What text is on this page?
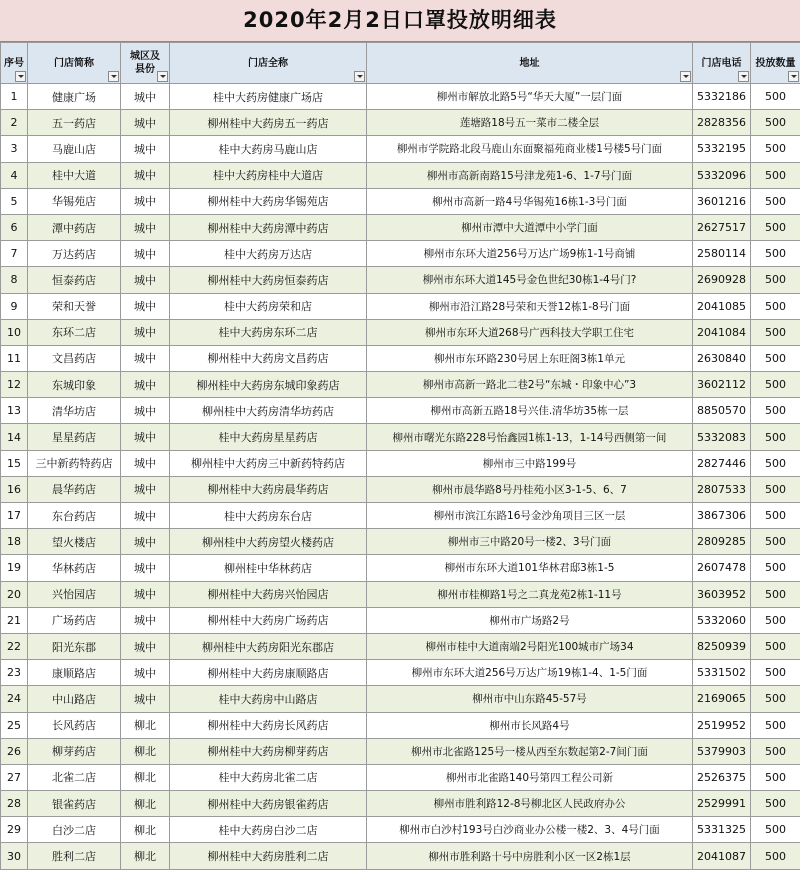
2020年2月2日口罩投放明细表
序号	门店简称	城区及
县份	门店全称	地址	门店电话	投放数量

1	健康广场	城中	桂中大药房健康广场店	柳州市解放北路5号“华天大厦”一层门面	5332186	500
2	五一药店	城中	柳州桂中大药房五一药店	莲塘路18号五一菜市二楼全层	2828356	500
3	马鹿山店	城中	桂中大药房马鹿山店	柳州市学院路北段马鹿山东面聚福苑商业楼1号楼5号门面	5332195	500
4	桂中大道	城中	桂中大药房桂中大道店	柳州市高新南路15号津龙苑1-6、1-7号门面	5332096	500
5	华锡苑店	城中	柳州桂中大药房华锡苑店	柳州市高新一路4号华锡苑16栋1-3号门面	3601216	500
6	潭中药店	城中	柳州桂中大药房潭中药店	柳州市潭中大道潭中小学门面	2627517	500
7	万达药店	城中	桂中大药房万达店	柳州市东环大道256号万达广场9栋1-1号商铺	2580114	500
8	恒泰药店	城中	柳州桂中大药房恒泰药店	柳州市东环大道145号金色世纪30栋1-4号门?	2690928	500
9	荣和天誉	城中	桂中大药房荣和店	柳州市沿江路28号荣和天誉12栋1-8号门面	2041085	500
10	东环二店	城中	桂中大药房东环二店	柳州市东环大道268号广西科技大学职工住宅	2041084	500
11	文昌药店	城中	柳州桂中大药房文昌药店	柳州市东环路230号居上东旺阁3栋1单元	2630840	500
12	东城印象	城中	柳州桂中大药房东城印象药店	柳州市高新一路北二巷2号“东城・印象中心”3	3602112	500
13	清华坊店	城中	柳州桂中大药房清华坊药店	柳州市高新五路18号兴佳.清华坊35栋一层	8850570	500
14	星星药店	城中	桂中大药房星星药店	柳州市曙光东路228号怡鑫园1栋1-13，1-14号西侧第一间	5332083	500
15	三中新药特药店	城中	柳州桂中大药房三中新药特药店	柳州市三中路199号	2827446	500
16	晨华药店	城中	柳州桂中大药房晨华药店	柳州市晨华路8号丹桂苑小区3-1-5、6、7	2807533	500
17	东台药店	城中	桂中大药房东台店	柳州市滨江东路16号金沙角项目三区一层	3867306	500
18	望火楼店	城中	柳州桂中大药房望火楼药店	柳州市三中路20号一楼2、3号门面	2809285	500
19	华林药店	城中	柳州桂中华林药店	柳州市东环大道101华林君邸3栋1-5	2607478	500
20	兴怡园店	城中	柳州桂中大药房兴怡园店	柳州市桂柳路1号之二真龙苑2栋1-11号	3603952	500
21	广场药店	城中	柳州桂中大药房广场药店	柳州市广场路2号	5332060	500
22	阳光东郡	城中	柳州桂中大药房阳光东郡店	柳州市桂中大道南端2号阳光100城市广场34	8250939	500
23	康顺路店	城中	柳州桂中大药房康顺路店	柳州市东环大道256号万达广场19栋1-4、1-5门面	5331502	500
24	中山路店	城中	桂中大药房中山路店	柳州市中山东路45-57号	2169065	500
25	长风药店	柳北	柳州桂中大药房长风药店	柳州市长风路4号	2519952	500
26	柳芽药店	柳北	柳州桂中大药房柳芽药店	柳州市北雀路125号一楼从西至东数起第2-7间门面	5379903	500
27	北雀二店	柳北	桂中大药房北雀二店	柳州市北雀路140号第四工程公司新	2526375	500
28	银雀药店	柳北	柳州桂中大药房银雀药店	柳州市胜利路12-8号柳北区人民政府办公	2529991	500
29	白沙二店	柳北	桂中大药房白沙二店	柳州市白沙村193号白沙商业办公楼一楼2、3、4号门面	5331325	500
30	胜利二店	柳北	柳州桂中大药房胜利二店	柳州市胜利路十号中房胜利小区一区2栋1层	2041087	500
